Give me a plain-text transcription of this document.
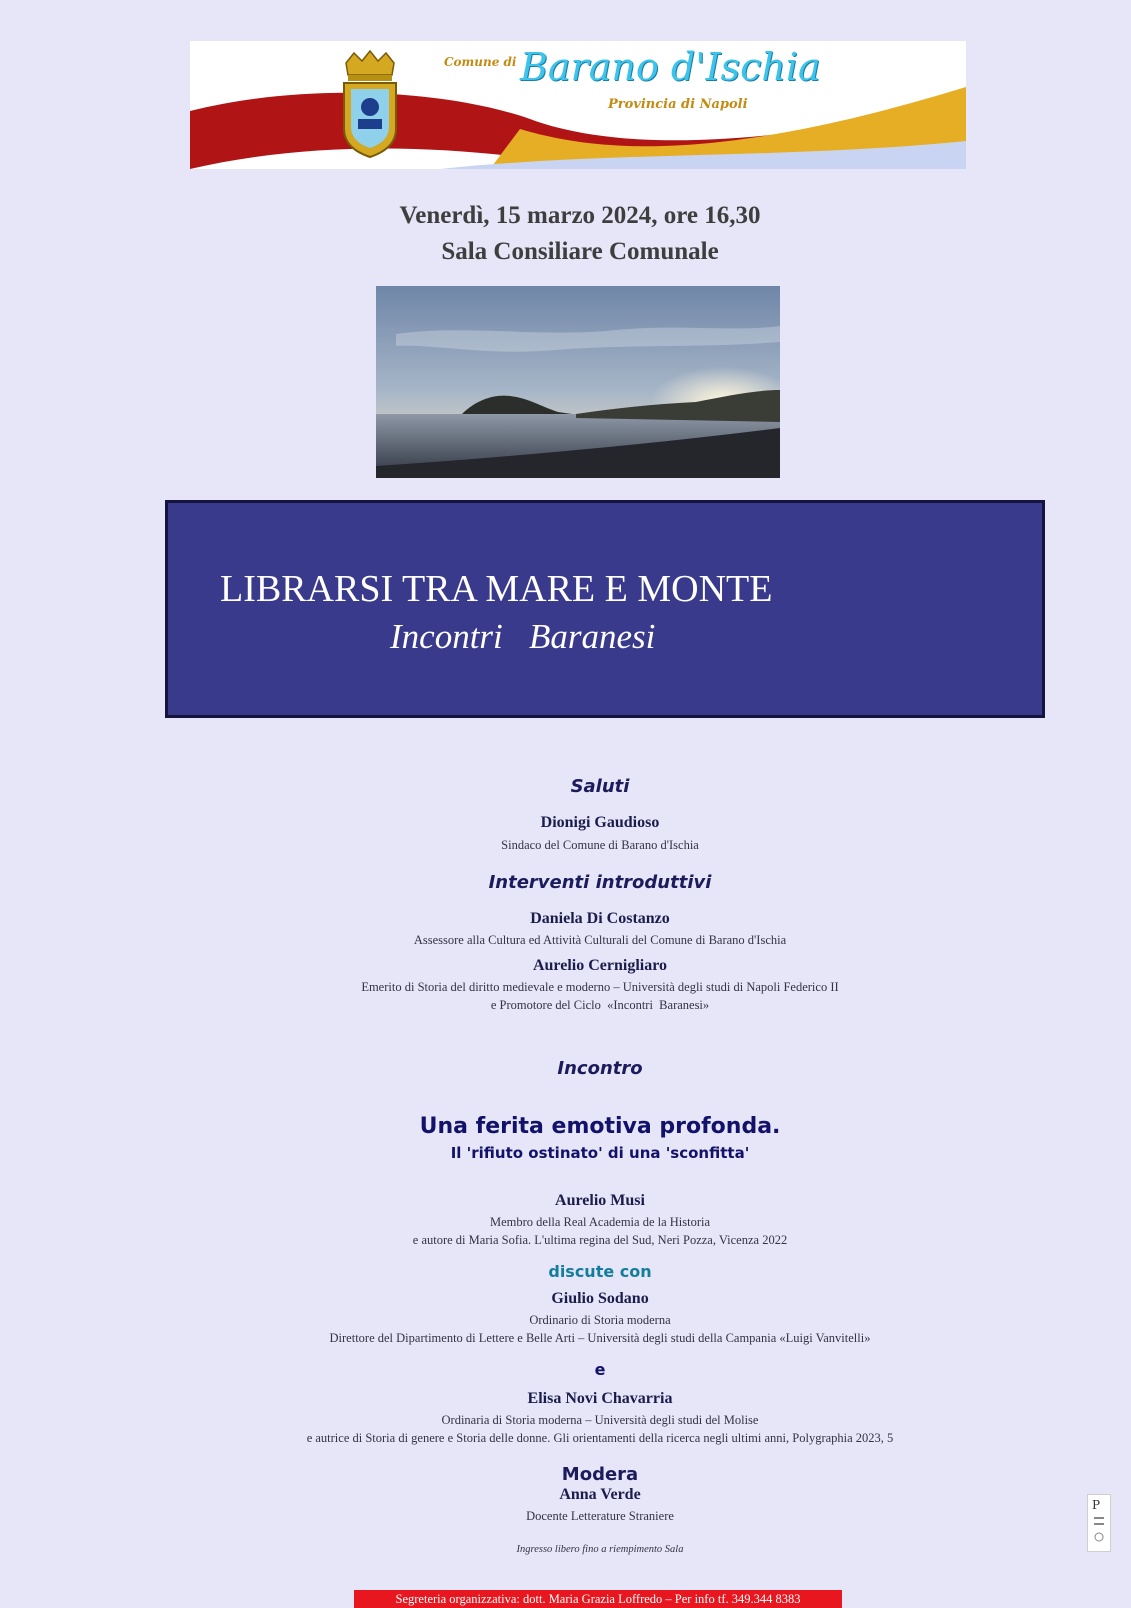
Comune di Barano d'Ischia
Provincia di Napoli
Venerdì, 15 marzo 2024, ore 16,30
Sala Consiliare Comunale
LIBRARSI TRA MARE E MONTE
Incontri   Baranesi
Saluti
Dionigi Gaudioso
Sindaco del Comune di Barano d'Ischia
Interventi introduttivi
Daniela Di Costanzo
Assessore alla Cultura ed Attività Culturali del Comune di Barano d'Ischia
Aurelio Cernigliaro
Emerito di Storia del diritto medievale e moderno – Università degli studi di Napoli Federico II
e Promotore del Ciclo  «Incontri  Baranesi»
Incontro
Una ferita emotiva profonda.
Il 'rifiuto ostinato' di una 'sconfitta'
Aurelio Musi
Membro della Real Academia de la Historia
e autore di Maria Sofia. L'ultima regina del Sud, Neri Pozza, Vicenza 2022
discute con
Giulio Sodano
Ordinario di Storia moderna
Direttore del Dipartimento di Lettere e Belle Arti – Università degli studi della Campania «Luigi Vanvitelli»
e
Elisa Novi Chavarria
Ordinaria di Storia moderna – Università degli studi del Molise
e autrice di Storia di genere e Storia delle donne. Gli orientamenti della ricerca negli ultimi anni, Polygraphia 2023, 5
Modera
Anna Verde
Docente Letterature Straniere
Ingresso libero fino a riempimento Sala
P
Segreteria organizzativa: dott. Maria Grazia Loffredo – Per info tf. 349.344 8383
